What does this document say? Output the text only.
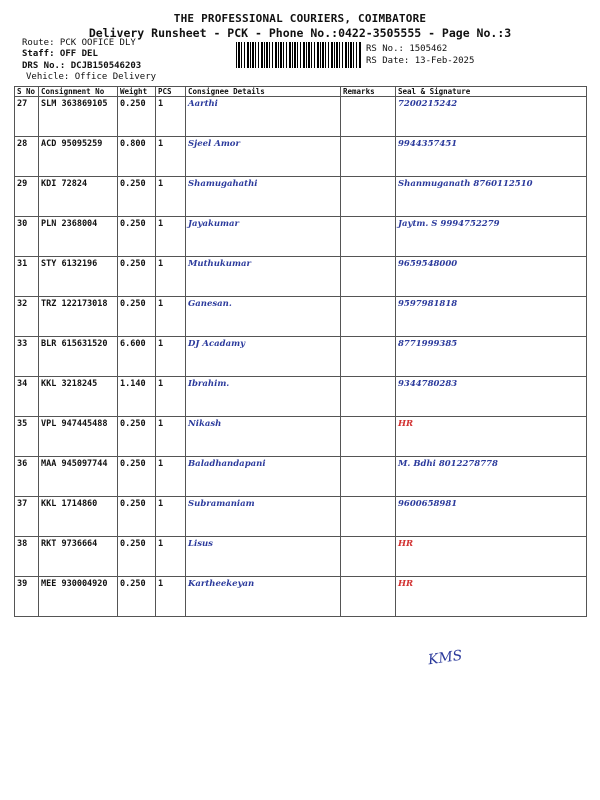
THE PROFESSIONAL COURIERS, COIMBATORE
Delivery Runsheet - PCK - Phone No.:0422-3505555 - Page No.:3
Route: PCK OOFICE DLY
Staff: OFF DEL
DRS No.: DCJB150546203
Vehicle: Office Delivery
RS No.: 1505462
RS Date: 13-Feb-2025
S No	Consignment No	Weight	PCS	Consignee Details	Remarks	Seal & Signature
27	SLM 363869105	0.250	1	Aarthi		7200215242
28	ACD 95095259	0.800	1	Sjeel Amor		9944357451
29	KDI 72824	0.250	1	Shamugahathi		Shanmuganath 8760112510
30	PLN 2368004	0.250	1	Jayakumar		Jaytm. S 9994752279
31	STY 6132196	0.250	1	Muthukumar		9659548000
32	TRZ 122173018	0.250	1	Ganesan.		9597981818
33	BLR 615631520	6.600	1	DJ Acadamy		8771999385
34	KKL 3218245	1.140	1	Ibrahim.		9344780283
35	VPL 947445488	0.250	1	Nikash		HR
36	MAA 945097744	0.250	1	Baladhandapani		M. Bdhi 8012278778
37	KKL 1714860	0.250	1	Subramaniam		9600658981
38	RKT 9736664	0.250	1	Lisus		HR
39	MEE 930004920	0.250	1	Kartheekeyan		HR
KMS
